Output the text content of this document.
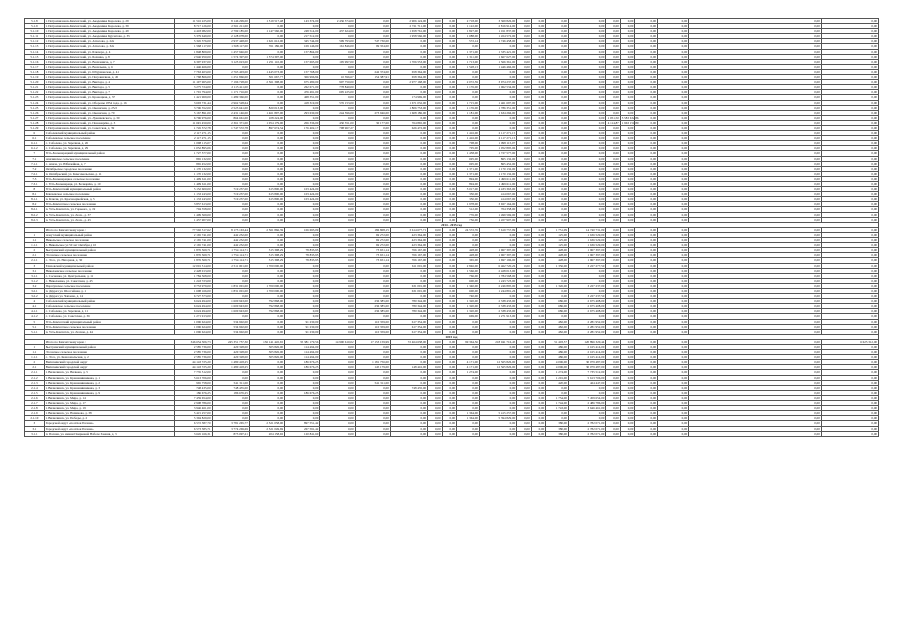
5.1.8	г. Петропавловск-Камчатский, ул. Академика Королева, д. 29	11 516 225,00	8 146 299,00	1 519 517,48	143 374,00	2 436 374,00	0,00	2 906 124,00	0,00	0,00	2 718,00	3 369 826,00	0,00	0,00	0,00	0,00	0,00	0,00	0,00	0,00	0,00	0,00
5.1.9	г. Петропавловск-Камчатский, ул. Академика Королева, д. 39	8 717 126,00	2 561 211,00	0,00	0,00	0,00	0,00	2 721 711,00	0,00	0,00	1 122,00	2 816 914,00	0,00	0,00	0,00	0,00	0,00	0,00	0,00	0,00	0,00	0,00
5.1.10	г. Петропавловск-Камчатский, ул. Академика Королева, д. 49	4 418 082,00	2 799 185,00	1 147 560,00	248 514,00	437 624,00	0,00	1 658 761,00	0,00	0,00	1 827,00	1 011 837,00	0,00	0,00	0,00	0,00	0,00	0,00	0,00	0,00	0,00	0,00
5.1.11	г. Петропавловск-Камчатский, ул. Академика Курчатова, д. 35	5 379 649,00	2 128 078,00	0,00	217 512,00	0,00	0,00	1 958 566,00	0,00	0,00	1 088,00	1 454 572,00	0,00	0,00	0,00	0,00	0,00	0,00	0,00	0,00	0,00	0,00
5.1.12	г. Петропавловск-Камчатский, ул. Атласова, д. 22а	5 345 376,00	2 937 448,00	1 621 612,00	345 744,00	599 793,00	747 730,00	0,00	0,00	0,00	572,14	1 746 458,00	0,00	0,00	0,00	0,00	0,00	0,00	0,00	0,00	0,00	0,00
5.1.13	г. Петропавловск-Камчатский, ул. Атласова, д. 32а	1 568 117,00	1 568 117,00	761 186,00	109 146,00	161 846,00	99 354,00	0,00	0,00	0,00	0,00	0,00	0,00	0,00	0,00	0,00	0,00	0,00	0,00	0,00	0,00	0,00
5.1.14	г. Петропавловск-Камчатский, ул. Блюхера, д. 4	1 848 809,00	1 457 946,00	0,00	157 864,00	0,00	0,00	0,00	0,00	0,00	1 371,00	1 335 421,00	0,00	0,00	0,00	0,00	0,00	0,00	0,00	0,00	0,00	0,00
5.1.15	г. Петропавловск-Камчатский, ул. Бохняка, д. 8	2 946 950,00	1 574 397,00	1 574 397,00	0,00	0,00	0,00	0,00	0,00	0,00	1 311,00	1 667 627,00	0,00	0,00	0,00	0,00	0,00	0,00	0,00	0,00	0,00	0,00
5.1.16	г. Петропавловск-Камчатский, ул. Василевича, д. 7	6 397 937,00	3 125 023,00	1 251 110,00	157 695,00	195 997,00	0,00	1 706 553,00	0,00	0,00	1 713,00	1 566 361,00	0,00	0,00	0,00	0,00	0,00	0,00	0,00	0,00	0,00	0,00
5.1.17	г. Петропавловск-Камчатский, ул. Васильева, д. 6	1 446 466,00	0,00	0,00	0,00	0,00	0,00	0,00	0,00	0,00	1 528,13	1 446 466,00	0,00	0,00	0,00	0,00	0,00	0,00	0,00	0,00	0,00	0,00
5.1.18	г. Петропавловск-Камчатский, ул. Штурманская, д. 41	7 763 403,00	2 763 403,00	1 445 073,00	157 768,00	0,00	242 374,00	658 364,00	0,00	0,00	0,00	0,00	0,00	0,00	0,00	0,00	0,00	0,00	0,00	0,00	0,00	0,00
5.1.19	г. Петропавловск-Камчатский, ул. Пограничная, д. 45	1 768 866,00	1 251 866,00	501 667,77	306 996,84	10 396,67	154 387,91	658 364,00	0,00	0,00	0,00	0,00	0,00	0,00	0,00	0,00	0,00	0,00	0,00	0,00	0,00	0,00
5.1.20	г. Петропавловск-Камчатский, ул. Виктора, д. 4	11 107 965,00	7 196 728,00	2 561 398,00	675 480,00	907 750,00	0,00	2 977 168,00	0,00	0,00	2 072,59	3 974 237,00	0,00	0,00	0,00	0,00	0,00	0,00	0,00	0,00	0,00	0,00
5.1.21	г. Петропавловск-Камчатский, ул. Виктора, д. 5	3 275 724,00	2 115 411,00	0,00	262 671,00	778 840,00	0,00	0,00	0,00	0,00	1 176,00	1 062 534,00	0,00	0,00	0,00	0,00	0,00	0,00	0,00	0,00	0,00	0,00
5.1.22	г. Петропавловск-Камчатский, ул. Виктора, д. 7	1 791 794,00	1 171 716,00	0,00	476 491,00	695 225,00	0,00	0,00	0,00	0,00	0,00	0,00	0,00	0,00	0,00	0,00	0,00	0,00	0,00	0,00	0,00	0,00
5.1.23	г. Петропавловск-Камчатский, ул. Кроноцкая, д. 37	1 421 969,00	1 489 366,00	0,00	468 351,00	0,00	0,00	174 969,00	0,00	0,00	0,00	0,00	0,00	0,00	0,00	0,00	0,00	0,00	0,00	0,00	0,00	0,00
5.1.24	г. Петропавловск-Камчатский, ул. Обороны 1854 года, д. 16	3 693 731,44	2 962 528,64	0,00	418 319,00	576 153,00	0,00	1 671 032,00	0,00	0,00	1 715,00	1 461 697,00	0,00	0,00	0,00	0,00	0,00	0,00	0,00	0,00	0,00	0,00
5.1.25	г. Петропавловск-Камчатский, ул. Океанская, д. 25/2	3 706 352,00	2 523 641,00	820 013,00	0,00	0,00	0,00	1 806 753,00	0,00	0,00	1 176,00	1 786 351,00	0,00	0,00	0,00	0,00	0,00	0,00	0,00	0,00	0,00	0,00
5.1.26	г. Петропавловск-Камчатский, ул. Океанская, д. 70	5 167 891,00	2 431 146,00	1 461 897,00	293 630,00	244 596,00	273 946,00	1 608 186,00	0,00	0,00	1 181,00	1 634 266,00	0,00	0,00	0,00	0,00	0,00	0,00	0,00	0,00	0,00	0,00
5.1.27	г. Петропавловск-Камчатский, ул. Лукашевского, д. 30	6 796 976,00	864 661,00	108 224,00	0,00	0,00	0,00	0,00	0,00	0,00	0,00	0,00	0,00	0,00	0,00	0,00	1 051,50	5 583 632,86	0,00	0,00	0,00	0,00
5.1.28	г. Петропавловск-Камчатский, ул. Пономарёва, д. 3	11 045 450,00	2 361 371,00	1 054 179,00	206 336,00	430 351,00	30 177,00	764 865,00	0,00	0,00	0,00	0,00	0,00	0,00	0,00	0,00	4 114,87	1 963 151,80	0,00	0,00	0,00	0,00
5.1.29	г. Петропавловск-Камчатский, ул. Советская, д. 39	1 745 572,78	1 747 572,78	897 674,34	176 402,17	798 967,27	0,00	626 472,00	0,00	0,00	0,00	0,00	0,00	0,00	0,00	0,00	0,00	0,00	0,00	0,00	0,00	0,00
6	Соболевский муниципальный район	2 117 271,15	0,00	0,00	0,00	0,00	0,00	0,00	0,00	0,00	1 416,00	2 117 271,15	0,00	0,00	0,00	0,00	0,00	0,00	0,00	0,00	0,00	0,00
6.1	Соболевское сельское поселение	2 117 271,15	0,00	0,00	0,00	0,00	0,00	0,00	0,00	0,00	1 416,00	2 117 271,15	0,00	0,00	0,00	0,00	0,00	0,00	0,00	0,00	0,00	0,00
6.1.1	с. Соболево, ул. Заречная, д. 26	1 098 115,07	0,00	0,00	0,00	0,00	0,00	0,00	0,00	0,00	708,00	1 098 115,07	0,00	0,00	0,00	0,00	0,00	0,00	0,00	0,00	0,00	0,00
6.1.2	с. Соболево, ул. Заречная, д. 29	1 052 895,06	0,00	0,00	0,00	0,00	0,00	0,00	0,00	0,00	705,00	1 052 895,06	0,00	0,00	0,00	0,00	0,00	0,00	0,00	0,00	0,00	0,00
7	Усть-Большерецкий муниципальный район	1 727 577,00	0,00	0,00	0,00	0,00	0,00	0,00	0,00	0,00	1 458,00	1 727 577,00	0,00	0,00	0,00	0,00	0,00	0,00	0,00	0,00	0,00	0,00
7.1	Апачинское сельское поселение	865 132,00	0,00	0,00	0,00	0,00	0,00	0,00	0,00	0,00	695,00	865 132,00	0,00	0,00	0,00	0,00	0,00	0,00	0,00	0,00	0,00	0,00
7.1.1	с. Апача, ул. Юбилейная, д. 7	865 452,00	0,00	0,00	0,00	0,00	0,00	0,00	0,00	0,00	695,00	865 452,00	0,00	0,00	0,00	0,00	0,00	0,00	0,00	0,00	0,00	0,00
7.2	Октябрьское городское поселение	1 170 132,00	0,00	0,00	0,00	0,00	0,00	0,00	0,00	0,00	1 371,00	1 170 132,00	0,00	0,00	0,00	0,00	0,00	0,00	0,00	0,00	0,00	0,00
7.2.1	п. Октябрьский, ул. Комсомольская, д. 11	1 170 132,00	0,00	0,00	0,00	0,00	0,00	0,00	0,00	0,00	1 371,00	1 170 132,00	0,00	0,00	0,00	0,00	0,00	0,00	0,00	0,00	0,00	0,00
7.3	Усть-Большерецкое сельское поселение	1 499 611,00	0,00	0,00	0,00	0,00	0,00	0,00	0,00	0,00	894,00	1 499 611,00	0,00	0,00	0,00	0,00	0,00	0,00	0,00	0,00	0,00	0,00
7.3.1	с. Усть-Большерецк, ул. Бочкарёва, д. 10	1 499 611,00	0,00	0,00	0,00	0,00	0,00	0,00	0,00	0,00	894,00	1 499 611,00	0,00	0,00	0,00	0,00	0,00	0,00	0,00	0,00	0,00	0,00
8	Усть-Камчатский муниципальный район	5 152 600,00	719 237,00	615 800,00	103 424,00	0,00	0,00	0,00	0,00	0,00	3 017,00	4 433 363,00	0,00	0,00	0,00	0,00	0,00	0,00	0,00	0,00	0,00	0,00
8.1	Ключевское сельское поселение	1 133 243,00	719 237,00	615 800,00	103 424,00	0,00	0,00	0,00	0,00	0,00	350,00	414 067,00	0,00	0,00	0,00	0,00	0,00	0,00	0,00	0,00	0,00	0,00
8.1.1	п. Ключи, ул. Красноармейская, д. 5	1 133 243,00	719 237,00	615 800,00	103 424,00	0,00	0,00	0,00	0,00	0,00	350,00	414 067,00	0,00	0,00	0,00	0,00	0,00	0,00	0,00	0,00	0,00	0,00
8.2	Усть-Камчатское сельское поселение	3 857 613,00	0,00	0,00	0,00	0,00	0,00	0,00	0,00	0,00	1 978,00	3 927 164,00	0,00	0,00	0,00	0,00	0,00	0,00	0,00	0,00	0,00	0,00
8.2.1	п. Усть-Камчатск, ул. Горького, д. 19	704 358,00	0,00	0,00	0,00	0,00	0,00	0,00	0,00	0,00	512,00	704 358,00	0,00	0,00	0,00	0,00	0,00	0,00	0,00	0,00	0,00	0,00
8.2.2	п. Усть-Камчатск, ул. Лесн., д. 37	1 499 569,00	0,00	0,00	0,00	0,00	0,00	0,00	0,00	0,00	776,00	1 499 569,00	0,00	0,00	0,00	0,00	0,00	0,00	0,00	0,00	0,00	0,00
8.2.3	п. Усть-Камчатск, ул. Лесн., д. 45	1 457 907,00	0,00	0,00	0,00	0,00	0,00	0,00	0,00	0,00	756,00	1 457 907,00	0,00	0,00	0,00	0,00	0,00	0,00	0,00	0,00	0,00	0,00
2014 - 2015 год																						
	Итого по Камчатскому краю :	77 592 317,62	8 173 163,44	2 561 866,39	106 693,09	0,00	186 808,15	3 614 677,71	0,00	0,00	24 572,76	7 619 757,99	0,00	0,00	1 751,09	14 740 731,09	0,00	0,00	0,00	0,00	0,00	0,00
1	Алеутский муниципальный район	2 165 741,00	442 232,00	0,00	0,00	0,00	69 272,00	423 364,00	0,00	0,00	0,00	0,00	0,00	0,00	125,00	1 636 529,00	0,00	0,00	0,00	0,00	0,00	0,00
1.1	Никольское сельское поселение	2 165 741,00	442 232,00	0,00	0,00	0,00	69 272,00	423 364,00	0,00	0,00	0,00	0,00	0,00	0,00	125,00	1 636 529,00	0,00	0,00	0,00	0,00	0,00	0,00
1.1.1	с. Никольское ул 50 лет Октября д 10	2 165 741,00	442 232,00	0,00	0,00	0,00	69 272,00	423 364,00	0,00	0,00	0,00	0,00	0,00	0,00	125,00	1 636 529,00	0,00	0,00	0,00	0,00	0,00	0,00
2	Быстринский муниципальный район	1 876 569,71	1 754 114,71	315 398,29	78 833,95	0,00	73 651,14	766 167,00	0,00	0,00	428,00	1 967 397,00	0,00	0,00	428,00	1 967 397,00	0,00	0,00	0,00	0,00	0,00	0,00
2.1	Эссовское сельское поселение	1 876 569,71	1 754 114,71	315 398,29	78 833,95	0,00	73 651,14	766 167,00	0,00	0,00	428,00	1 967 397,00	0,00	0,00	428,00	1 967 397,00	0,00	0,00	0,00	0,00	0,00	0,00
2.1.1	с. Эссо, ул. Нагорная, д. 30	1 876 569,71	1 754 114,71	315 398,29	78 833,95	0,00	73 651,14	766 167,00	0,00	0,00	365,00	1 697 196,00	0,00	0,00	428,00	1 967 397,00	0,00	0,00	0,00	0,00	0,00	0,00
3	Елизовский муниципальный район	12 001 514,00	2 511 001,00	1 700 000,00	0,00	0,00	0,00	611 001,00	0,00	0,00	2 846,00	6 462 720,26	0,00	0,00	1 356,00	3 227 277,50	0,00	0,00	0,00	0,00	0,00	0,00
3.1	Николаевское сельское поселение	2 428 013,00	0,00	0,00	0,00	0,00	0,00	0,00	0,00	0,00	1 566,00	2 428 013,00	0,00	0,00	0,00	0,00	0,00	0,00	0,00	0,00	0,00	0,00
3.1.1	с. Сосновка, ул. Центральная, д. 11	1 784 568,00	0,00	0,00	0,00	0,00	0,00	0,00	0,00	0,00	766,00	1 784 568,00	0,00	0,00	0,00	0,00	0,00	0,00	0,00	0,00	0,00	0,00
3.1.2	с. Николаевка, ул. Советская, д. 45	1 243 723,00	0,00	0,00	0,00	0,00	0,00	0,00	0,00	0,00	600,00	1 243 723,00	0,00	0,00	0,00	0,00	0,00	0,00	0,00	0,00	0,00	0,00
3.2	Паратунское сельское поселение	9 753 979,00	1 831 001,00	1 700 000,00	0,00	0,00	0,00	631 001,00	0,00	0,00	1 340,00	2 246 895,00	0,00	0,00	1 326,00	3 227 237,00	0,00	0,00	0,00	0,00	0,00	0,00
3.2.1	п. Двуреч ул. Шоссейная, д. 1	1 698 166,00	1 831 001,00	1 700 000,00	0,00	0,00	0,00	631 001,00	0,00	0,00	600,00	1 244 891,26	0,00	0,00	0,00	0,00	0,00	0,00	0,00	0,00	0,00	0,00
3.2.2	п. Двуреч ул. Чапаева, д. 14	6 727 573,00	0,00	0,00	0,00	0,00	0,00	0,00	0,00	0,00	740,00	0,00	0,00	0,00	0,00	3 227 237,50	0,00	0,00	0,00	0,00	0,00	0,00
4	Соболевский муниципальный район	6 624 494,00	1 600 943,00	792 868,00	0,00	0,00	236 385,00	780 344,00	0,00	0,00	1 320,00	2 338 433,00	0,00	0,00	686,00	2 675 408,00	0,00	0,00	0,00	0,00	0,00	0,00
4.1	Соболевское сельское поселение	6 624 494,00	1 600 943,00	792 868,00	0,00	0,00	236 385,00	780 344,00	0,00	0,00	1 320,00	2 338 433,00	0,00	0,00	686,00	2 675 408,00	0,00	0,00	0,00	0,00	0,00	0,00
4.1.1	с. Соболево, ул. Заречная, д. 11	6 624 494,00	1 600 943,00	792 868,00	0,00	0,00	236 385,00	780 344,00	0,00	0,00	1 320,00	2 338 433,00	0,00	0,00	686,00	2 675 408,00	0,00	0,00	0,00	0,00	0,00	0,00
4.1.2	с. Соболево, ул. Советская, д. 36	1 271 913,00	0,00	0,00	0,00	0,00	0,00	0,00	0,00	0,00	669,00	1 271 913,00	0,00	0,00	0,00	0,00	0,00	0,00	0,00	0,00	0,00	0,00
5	Усть-Камчатский муниципальный район	1 096 624,00	534 902,00	0,00	91 230,00	0,00	110 359,00	617 354,00	0,00	0,00	0,00	0,00	0,00	0,00	482,00	2 281 952,00	0,00	0,00	0,00	0,00	0,00	0,00
5.1	Усть-Камчатское сельское поселение	1 096 624,00	534 902,00	0,00	91 230,00	0,00	110 359,00	617 354,00	0,00	0,00	0,00	0,00	0,00	0,00	482,00	2 281 952,00	0,00	0,00	0,00	0,00	0,00	0,00
5.1.1	п. Усть-Камчатск, ул. Лесная, д. 44	1 096 624,00	534 902,00	0,00	91 230,00	0,00	110 359,00	617 354,00	0,00	0,00	0,00	0,00	0,00	0,00	482,00	2 281 952,00	0,00	0,00	0,00	0,00	0,00	0,00
2015 год																						
	Итого по Камчатскому краю :	346 654 306,73	245 351 757,30	136 141 445,65	35 381 179,56	14 990 610,02	17 153 159,99	72 464 638,00	0,00	0,00	99 364,56	218 041 716,45	0,00	0,00	51 403,57	120 896 320,44	0,00	0,00	0,00	0,00	0,00	6 625 312,00
1	Быстринский муниципальный район	2 585 736,00	420 328,00	305 826,00	114 494,00	0,00	0,00	0,00	0,00	0,00	0,00	0,00	0,00	0,00	486,00	2 165 414,00	0,00	0,00	0,00	0,00	0,00	0,00
1.1	Эссовское сельское поселение	2 585 736,00	420 328,00	305 826,00	114 494,00	0,00	0,00	0,00	0,00	0,00	0,00	0,00	0,00	0,00	486,00	2 165 414,00	0,00	0,00	0,00	0,00	0,00	0,00
1.1.1	с. Эссо, ул. Комсомольская, д. 2	2 585 736,00	420 328,00	305 826,00	114 494,00	0,00	0,00	0,00	0,00	0,00	0,00	0,00	0,00	0,00	486,00	2 165 414,00	0,00	0,00	0,00	0,00	0,00	0,00
2	Вилючинский городской округ	44 143 725,20	1 480 418,25	0,00	186 676,25	0,00	1 181 756,00	0,00	0,00	0,00	4 171,00	12 565 826,00	0,00	0,00	4 006,00	30 079 487,00	0,00	0,00	0,00	0,00	0,00	0,00
2.1	Вилючинский городской округ	44 143 725,20	1 480 418,25	0,00	186 676,25	0,00	145 179,00	148 416,00	0,00	0,00	4 171,00	12 565 826,00	0,00	0,00	4 006,00	30 079 487,00	0,00	0,00	0,00	0,00	0,00	0,00
2.1.1	г. Вилючинск, ул. Вилкова, д. 5	7 735 512,00	0,00	0,00	0,00	0,00	0,00	0,00	0,00	0,00	1 274,00	0,00	0,00	0,00	1 274,00	7 735 512,00	0,00	0,00	0,00	0,00	0,00	0,00
2.1.2	г. Вилючинск, ул. Крашенинникова, д. 1	5 613 706,00	0,00	0,00	0,00	0,00	0,00	0,00	0,00	0,00	0,00	0,00	0,00	0,00	1 201,00	5 613 706,00	0,00	0,00	0,00	0,00	0,00	0,00
2.1.3	г. Вилючинск, ул. Крашенинникова, д. 2	965 758,00	541 311,00	0,00	0,00	0,00	541 311,00	0,00	0,00	0,00	0,00	0,00	0,00	0,00	420,00	424 447,00	0,00	0,00	0,00	0,00	0,00	0,00
2.1.4	г. Вилючинск, ул. Крашенинникова, д. 3	748 435,00	748 435,00	0,00	0,00	0,00	0,00	748 435,00	0,00	0,00	0,00	0,00	0,00	0,00	0,00	0,00	0,00	0,00	0,00	0,00	0,00	0,00
2.1.5	г. Вилючинск, ул. Крашенинникова, д. 9	186 676,25	186 676,25	0,00	186 676,25	0,00	0,00	0,00	0,00	0,00	0,00	0,00	0,00	0,00	0,00	0,00	0,00	0,00	0,00	0,00	0,00	0,00
2.1.6	г. Вилючинск, ул. Мира, д. 14	7 459 654,00	0,00	0,00	0,00	0,00	0,00	0,00	0,00	0,00	0,00	0,00	0,00	0,00	1 754,00	7 459 654,00	0,00	0,00	0,00	0,00	0,00	0,00
2.1.7	г. Вилючинск, ул. Мира, д. 17	2 908 786,00	0,00	0,00	0,00	0,00	0,00	0,00	0,00	0,00	0,00	0,00	0,00	0,00	1 744,00	2 486 786,00	0,00	0,00	0,00	0,00	0,00	0,00
2.1.8	г. Вилючинск, ул. Мира, д. 19	3 946 461,00	0,00	0,00	0,00	0,00	0,00	0,00	0,00	0,00	0,00	0,00	0,00	0,00	1 743,00	3 646 461,00	0,00	0,00	0,00	0,00	0,00	0,00
2.1.9	г. Вилючинск, ул. Нахимова, д. 38	5 415 257,00	0,00	0,00	0,00	0,00	0,00	0,00	0,00	0,00	1 364,00	5 415 257,00	0,00	0,00	0,00	0,00	0,00	0,00	0,00	0,00	0,00	0,00
2.1.10	г. Вилючинск, ул. Победы, д. 2	5 394 829,00	0,00	0,00	0,00	0,00	0,00	0,00	0,00	0,00	1 364,00	5 394 829,00	0,00	0,00	0,00	0,00	0,00	0,00	0,00	0,00	0,00	0,00
3	Городской округ «посёлок Палана»	6 572 387,70	3 781 265,77	2 521 058,00	897 551,42	0,00	0,00	0,00	0,00	0,00	0,00	0,00	0,00	0,00	380,00	2 782 071,00	0,00	0,00	0,00	0,00	0,00	0,00
3.1	Городской округ «посёлок Палана»	6 573 385,71	3 774 269,69	2 521 049,69	267 591,42	0,00	0,00	0,00	0,00	0,00	0,00	0,00	0,00	0,00	380,00	2 782 071,00	0,00	0,00	0,00	0,00	0,00	0,00
3.1.1	п. Палана, ул. имени Поярковой Набоче Заменя, д. 3	3 645 166,31	873 097,21	204 158,92	120 841,60	0,00	0,00	0,00	0,00	0,00	0,00	0,00	0,00	0,00	380,00	2 782 071,00	0,00	0,00	0,00	0,00	0,00	0,00
